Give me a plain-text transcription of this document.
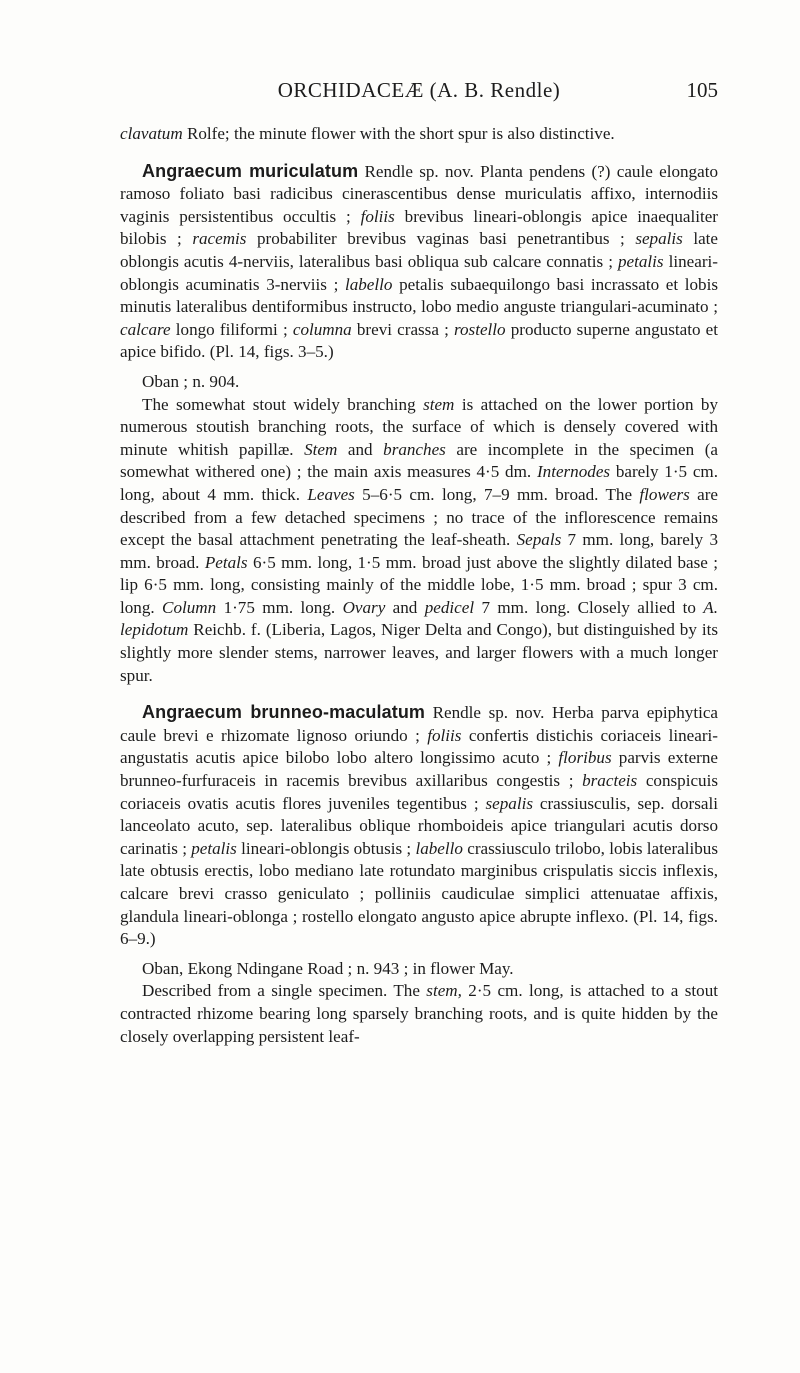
ORCHIDACEÆ (A. B. Rendle)	105

clavatum Rolfe; the minute flower with the short spur is also distinctive.

Angraecum muriculatum Rendle sp. nov. Planta pendens (?) caule elongato ramoso foliato basi radicibus cinerascentibus dense muriculatis affixo, internodiis vaginis persistentibus occultis ; foliis brevibus lineari-oblongis apice inaequaliter bilobis ; racemis probabiliter brevibus vaginas basi penetrantibus ; sepalis late oblongis acutis 4-nerviis, lateralibus basi obliqua sub calcare connatis ; petalis lineari-oblongis acuminatis 3-nerviis ; labello petalis subaequilongo basi incrassato et lobis minutis lateralibus dentiformibus instructo, lobo medio anguste triangulari-acuminato ; calcare longo filiformi ; columna brevi crassa ; rostello producto superne angustato et apice bifido. (Pl. 14, figs. 3–5.)

Oban ; n. 904.

The somewhat stout widely branching stem is attached on the lower portion by numerous stoutish branching roots, the surface of which is densely covered with minute whitish papillæ. Stem and branches are incomplete in the specimen (a somewhat withered one) ; the main axis measures 4·5 dm. Internodes barely 1·5 cm. long, about 4 mm. thick. Leaves 5–6·5 cm. long, 7–9 mm. broad. The flowers are described from a few detached specimens ; no trace of the inflorescence remains except the basal attachment penetrating the leaf-sheath. Sepals 7 mm. long, barely 3 mm. broad. Petals 6·5 mm. long, 1·5 mm. broad just above the slightly dilated base ; lip 6·5 mm. long, consisting mainly of the middle lobe, 1·5 mm. broad ; spur 3 cm. long. Column 1·75 mm. long. Ovary and pedicel 7 mm. long. Closely allied to A. lepidotum Reichb. f. (Liberia, Lagos, Niger Delta and Congo), but distinguished by its slightly more slender stems, narrower leaves, and larger flowers with a much longer spur.

Angraecum brunneo-maculatum Rendle sp. nov. Herba parva epiphytica caule brevi e rhizomate lignoso oriundo ; foliis confertis distichis coriaceis lineari-angustatis acutis apice bilobo lobo altero longissimo acuto ; floribus parvis externe brunneo-furfuraceis in racemis brevibus axillaribus congestis ; bracteis conspicuis coriaceis ovatis acutis flores juveniles tegentibus ; sepalis crassiusculis, sep. dorsali lanceolato acuto, sep. lateralibus oblique rhomboideis apice triangulari acutis dorso carinatis ; petalis lineari-oblongis obtusis ; labello crassiusculo trilobo, lobis lateralibus late obtusis erectis, lobo mediano late rotundato marginibus crispulatis siccis inflexis, calcare brevi crasso geniculato ; polliniis caudiculae simplici attenuatae affixis, glandula lineari-oblonga ; rostello elongato angusto apice abrupte inflexo. (Pl. 14, figs. 6–9.)

Oban, Ekong Ndingane Road ; n. 943 ; in flower May.

Described from a single specimen. The stem, 2·5 cm. long, is attached to a stout contracted rhizome bearing long sparsely branching roots, and is quite hidden by the closely overlapping persistent leaf-
